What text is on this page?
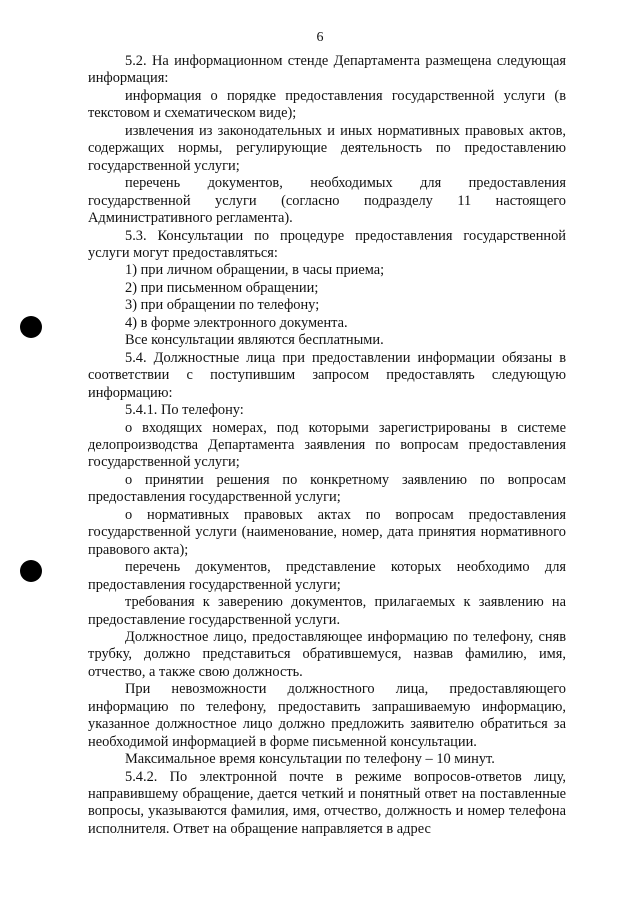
6

5.2. На информационном стенде Департамента размещена следующая информация:

информация о порядке предоставления государственной услуги (в текстовом и схематическом виде);

извлечения из законодательных и иных нормативных правовых актов, содержащих нормы, регулирующие деятельность по предоставлению государственной услуги;

перечень документов, необходимых для предоставления государственной услуги (согласно подразделу 11 настоящего Административного регламента).

5.3. Консультации по процедуре предоставления государственной услуги могут предоставляться:

1) при личном обращении, в часы приема;

2) при письменном обращении;

3) при обращении по телефону;

4) в форме электронного документа.

Все консультации являются бесплатными.

5.4. Должностные лица при предоставлении информации обязаны в соответствии с поступившим запросом предоставлять следующую информацию:

5.4.1. По телефону:

о входящих номерах, под которыми зарегистрированы в системе делопроизводства Департамента заявления по вопросам предоставления государственной услуги;

о принятии решения по конкретному заявлению по вопросам предоставления государственной услуги;

о нормативных правовых актах по вопросам предоставления государственной услуги (наименование, номер, дата принятия нормативного правового акта);

перечень документов, представление которых необходимо для предоставления государственной услуги;

требования к заверению документов, прилагаемых к заявлению на предоставление государственной услуги.

Должностное лицо, предоставляющее информацию по телефону, сняв трубку, должно представиться обратившемуся, назвав фамилию, имя, отчество, а также свою должность.

При невозможности должностного лица, предоставляющего информацию по телефону, предоставить запрашиваемую информацию, указанное должностное лицо должно предложить заявителю обратиться за необходимой информацией в форме письменной консультации.

Максимальное время консультации по телефону – 10 минут.

5.4.2. По электронной почте в режиме вопросов-ответов лицу, направившему обращение, дается четкий и понятный ответ на поставленные вопросы, указываются фамилия, имя, отчество, должность и номер телефона исполнителя. Ответ на обращение направляется в адрес
